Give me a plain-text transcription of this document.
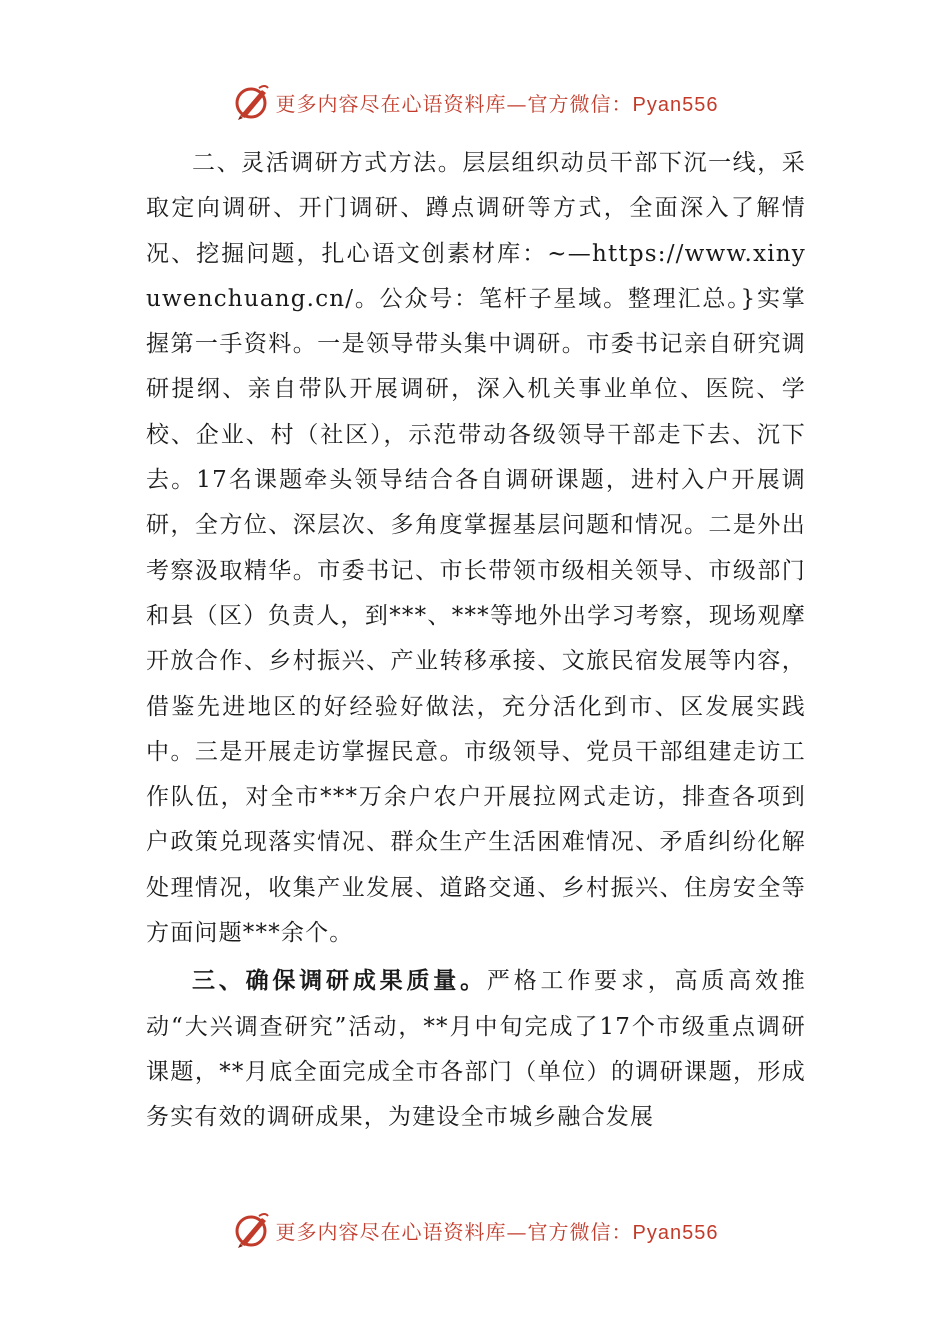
更多内容尽在心语资料库—官方微信：Pyan556

二、灵活调研方式方法。层层组织动员干部下沉一线，采取定向调研、开门调研、蹲点调研等方式，全面深入了解情况、挖掘问题，扎心语文创素材库：~—https://www.xinyuwenchuang.cn/。公众号：笔杆子星域。整理汇总。}实掌握第一手资料。一是领导带头集中调研。市委书记亲自研究调研提纲、亲自带队开展调研，深入机关事业单位、医院、学校、企业、村（社区），示范带动各级领导干部走下去、沉下去。17名课题牵头领导结合各自调研课题，进村入户开展调研，全方位、深层次、多角度掌握基层问题和情况。二是外出考察汲取精华。市委书记、市长带领市级相关领导、市级部门和县（区）负责人，到***、***等地外出学习考察，现场观摩开放合作、乡村振兴、产业转移承接、文旅民宿发展等内容，借鉴先进地区的好经验好做法，充分活化到市、区发展实践中。三是开展走访掌握民意。市级领导、党员干部组建走访工作队伍，对全市***万余户农户开展拉网式走访，排查各项到户政策兑现落实情况、群众生产生活困难情况、矛盾纠纷化解处理情况，收集产业发展、道路交通、乡村振兴、住房安全等方面问题***余个。

三、确保调研成果质量。严格工作要求，高质高效推动“大兴调查研究”活动，**月中旬完成了17个市级重点调研课题，**月底全面完成全市各部门（单位）的调研课题，形成务实有效的调研成果，为建设全市城乡融合发展

更多内容尽在心语资料库—官方微信：Pyan556
